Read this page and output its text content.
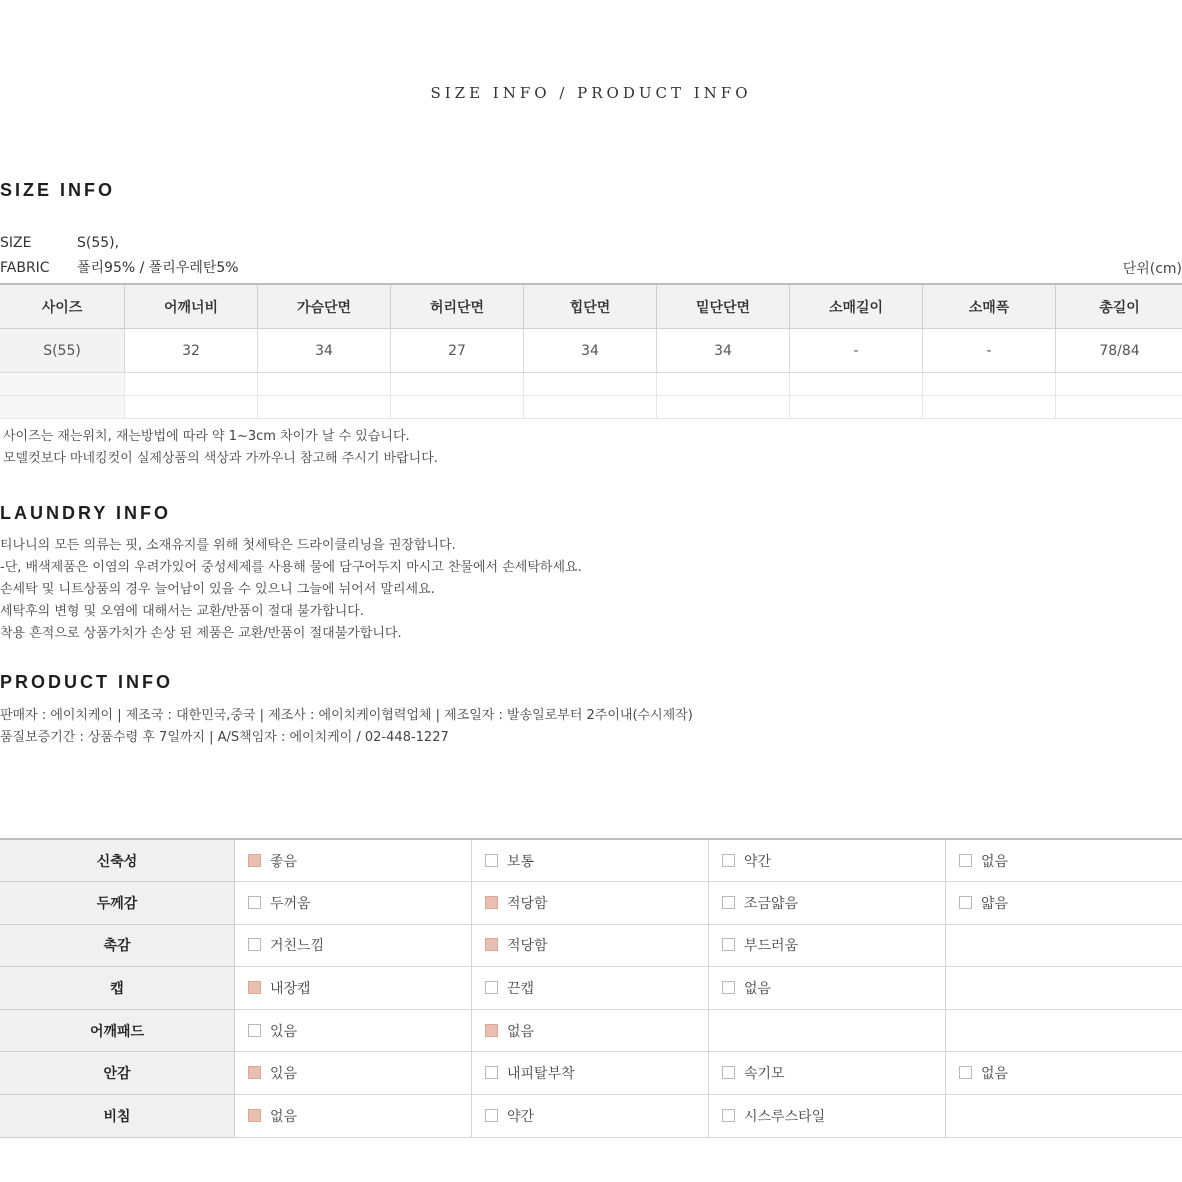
SIZE INFO / PRODUCT INFO
SIZE INFO
SIZE	S(55),
FABRIC 폴리95% / 폴리우레탄5%	단위(cm)
사이즈	어깨너비	가슴단면	허리단면	힙단면	밑단단면	소매길이	소매폭	총길이
S(55)	32	34	27	34	34	-	-	78/84

사이즈는 재는위치, 재는방법에 따라 약 1~3cm 차이가 날 수 있습니다.
모델컷보다 마네킹컷이 실제상품의 색상과 가까우니 참고해 주시기 바랍니다.
LAUNDRY INFO
티나니의 모든 의류는 핏, 소재유지를 위해 첫세탁은 드라이클리닝을 권장합니다.
-단, 배색제품은 이염의 우려가있어 중성세제를 사용해 물에 담구어두지 마시고 찬물에서 손세탁하세요.
손세탁 및 니트상품의 경우 늘어남이 있을 수 있으니 그늘에 뉘어서 말리세요.
세탁후의 변형 및 오염에 대해서는 교환/반품이 절대 불가합니다.
착용 흔적으로 상품가치가 손상 된 제품은 교환/반품이 절대불가합니다.
PRODUCT INFO
판매자 : 에이치케이 | 제조국 : 대한민국,중국 | 제조사 : 에이치케이협력업체 | 제조일자 : 발송일로부터 2주이내(수시제작)
품질보증기간 : 상품수령 후 7일까지 | A/S책임자 : 에이치케이 / 02-448-1227
신축성	좋음	보통	약간	없음
두께감	두꺼움	적당함	조금얇음	얇음
촉감	거친느낌	적당함	부드러움	
캡	내장캡	끈캡	없음	
어깨패드	있음	없음		
안감	있음	내피탈부착	속기모	없음
비침	없음	약간	시스루스타일	
